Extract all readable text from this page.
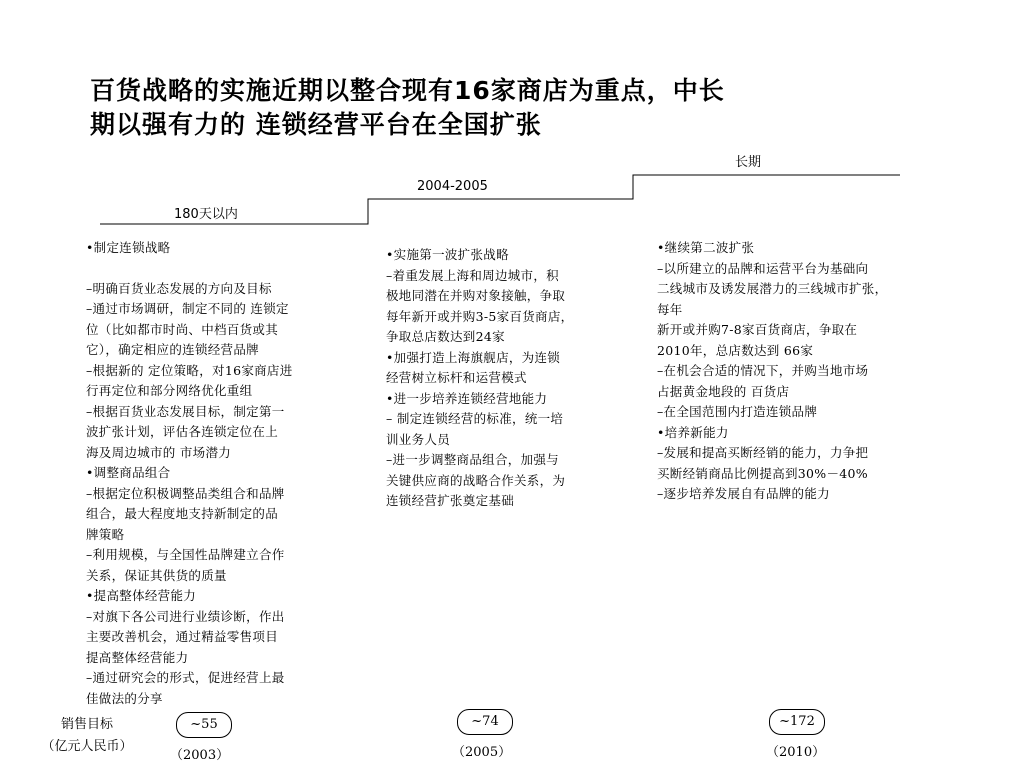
百货战略的实施近期以整合现有16家商店为重点，中长
期以强有力的 连锁经营平台在全国扩张
180天以内
2004-2005
长期

•制定连锁战略

–明确百货业态发展的方向及目标

–通过市场调研，制定不同的 连锁定

位（比如都市时尚、中档百货或其

它），确定相应的连锁经营品牌

–根据新的 定位策略，对16家商店进

行再定位和部分网络优化重组

–根据百货业态发展目标，制定第一

波扩张计划，评估各连锁定位在上

海及周边城市的 市场潜力

•调整商品组合

–根据定位积极调整品类组合和品牌

组合，最大程度地支持新制定的品

牌策略

–利用规模，与全国性品牌建立合作

关系，保证其供货的质量

•提高整体经营能力

–对旗下各公司进行业绩诊断，作出

主要改善机会，通过精益零售项目

提高整体经营能力

–通过研究会的形式，促进经营上最

佳做法的分享

•实施第一波扩张战略

–着重发展上海和周边城市，积

极地同潜在并购对象接触，争取

每年新开或并购3-5家百货商店，

争取总店数达到24家

•加强打造上海旗舰店，为连锁

经营树立标杆和运营模式

•进一步培养连锁经营地能力

– 制定连锁经营的标准，统一培

训业务人员

–进一步调整商品组合，加强与

关键供应商的战略合作关系，为

连锁经营扩张奠定基础

•继续第二波扩张

–以所建立的品牌和运营平台为基础向

二线城市及诱发展潜力的三线城市扩张，

每年

新开或并购7-8家百货商店，争取在

2010年，总店数达到 66家

–在机会合适的情况下，并购当地市场

占据黄金地段的 百货店

–在全国范围内打造连锁品牌

•培养新能力

–发展和提高买断经销的能力，力争把

买断经销商品比例提高到30%－40%

–逐步培养发展自有品牌的能力

销售目标
（亿元人民币）
~55	~74	~172
（2003）	（2005）	（2010）
